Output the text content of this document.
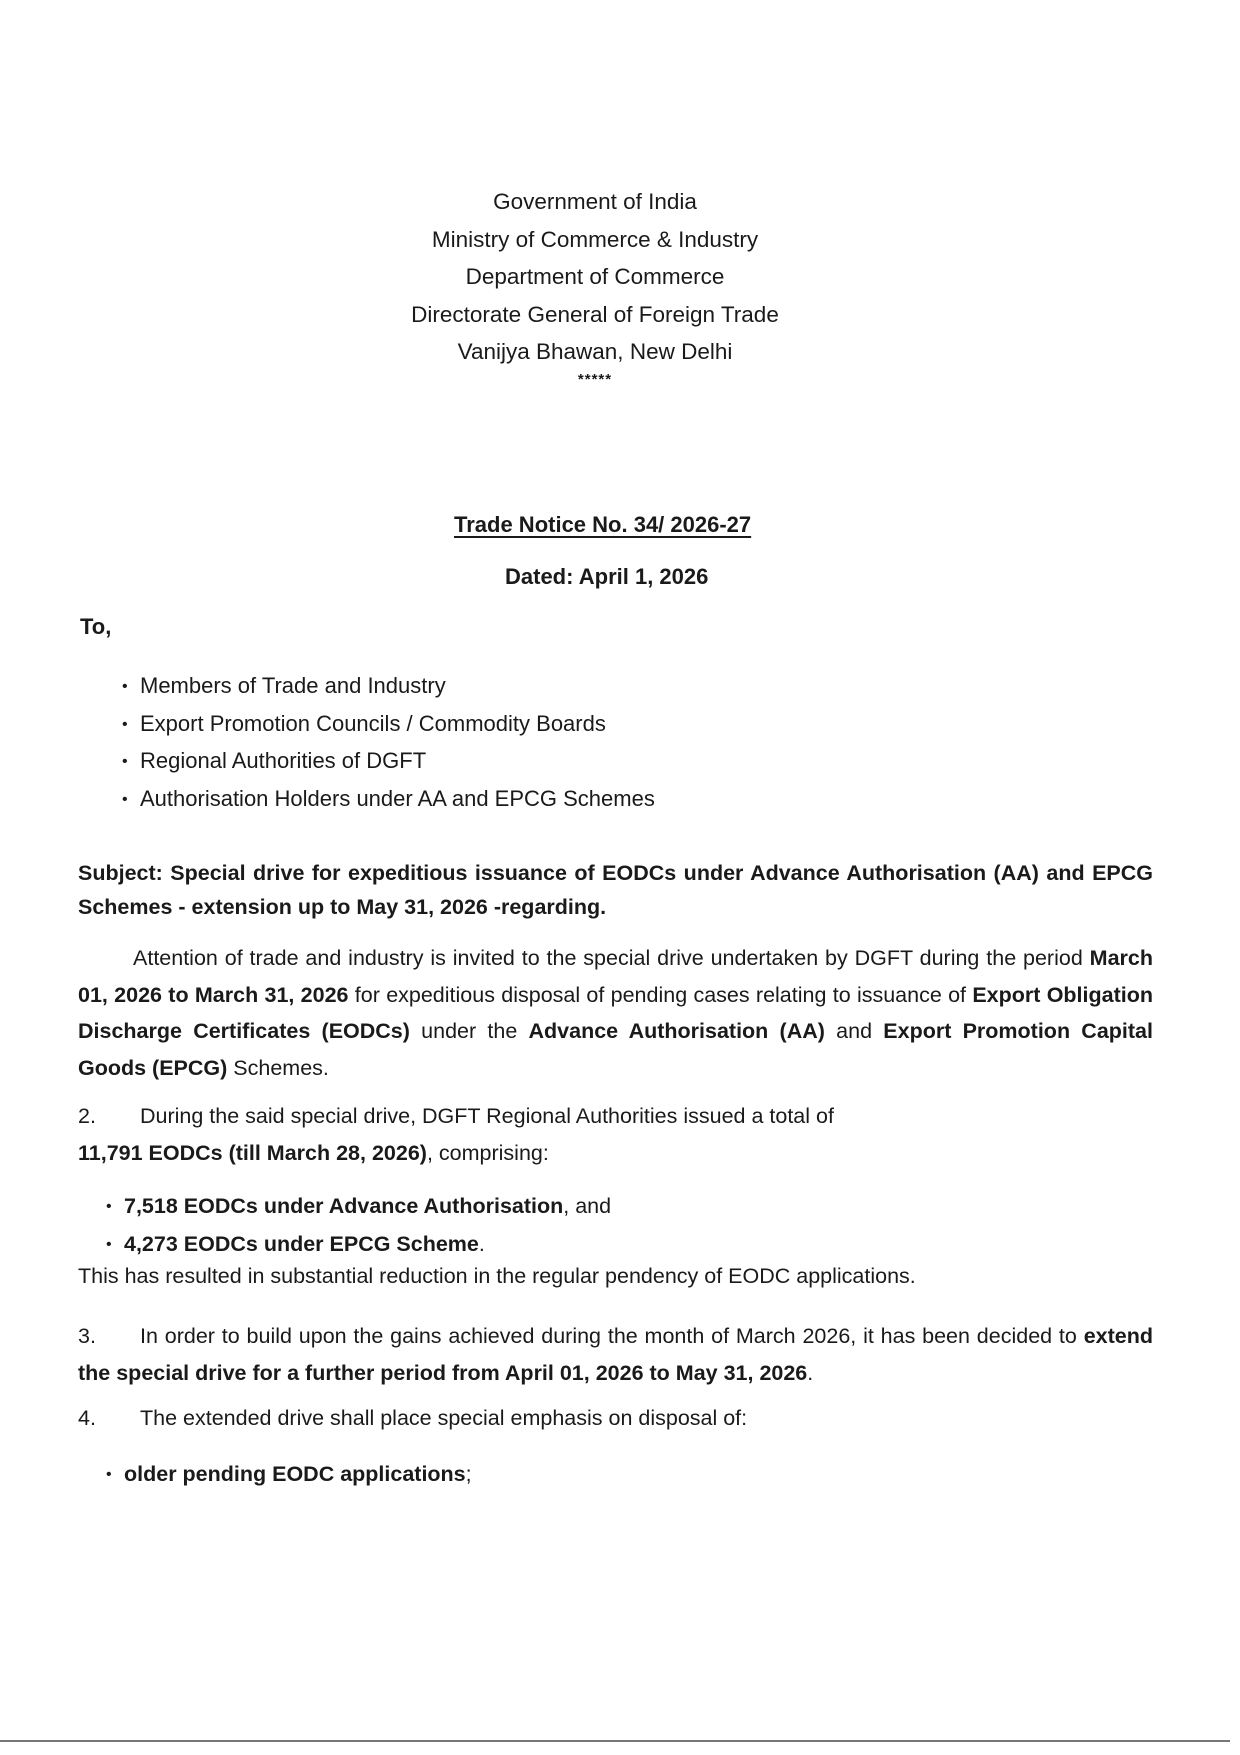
Government of India
Ministry of Commerce & Industry
Department of Commerce
Directorate General of Foreign Trade
Vanijya Bhawan, New Delhi
*****
Trade Notice No. 34/ 2026-27
Dated: April 1, 2026
To,
• Members of Trade and Industry
• Export Promotion Councils / Commodity Boards
• Regional Authorities of DGFT
• Authorisation Holders under AA and EPCG Schemes
Subject: Special drive for expeditious issuance of EODCs under Advance Authorisation (AA) and EPCG Schemes - extension up to May 31, 2026 -regarding.
Attention of trade and industry is invited to the special drive undertaken by DGFT during the period March 01, 2026 to March 31, 2026 for expeditious disposal of pending cases relating to issuance of Export Obligation Discharge Certificates (EODCs) under the Advance Authorisation (AA) and Export Promotion Capital Goods (EPCG) Schemes.
2. During the said special drive, DGFT Regional Authorities issued a total of
11,791 EODCs (till March 28, 2026), comprising:
• 7,518 EODCs under Advance Authorisation, and
• 4,273 EODCs under EPCG Scheme.
This has resulted in substantial reduction in the regular pendency of EODC applications.
3. In order to build upon the gains achieved during the month of March 2026, it has been decided to extend the special drive for a further period from April 01, 2026 to May 31, 2026.
4. The extended drive shall place special emphasis on disposal of:
• older pending EODC applications;
